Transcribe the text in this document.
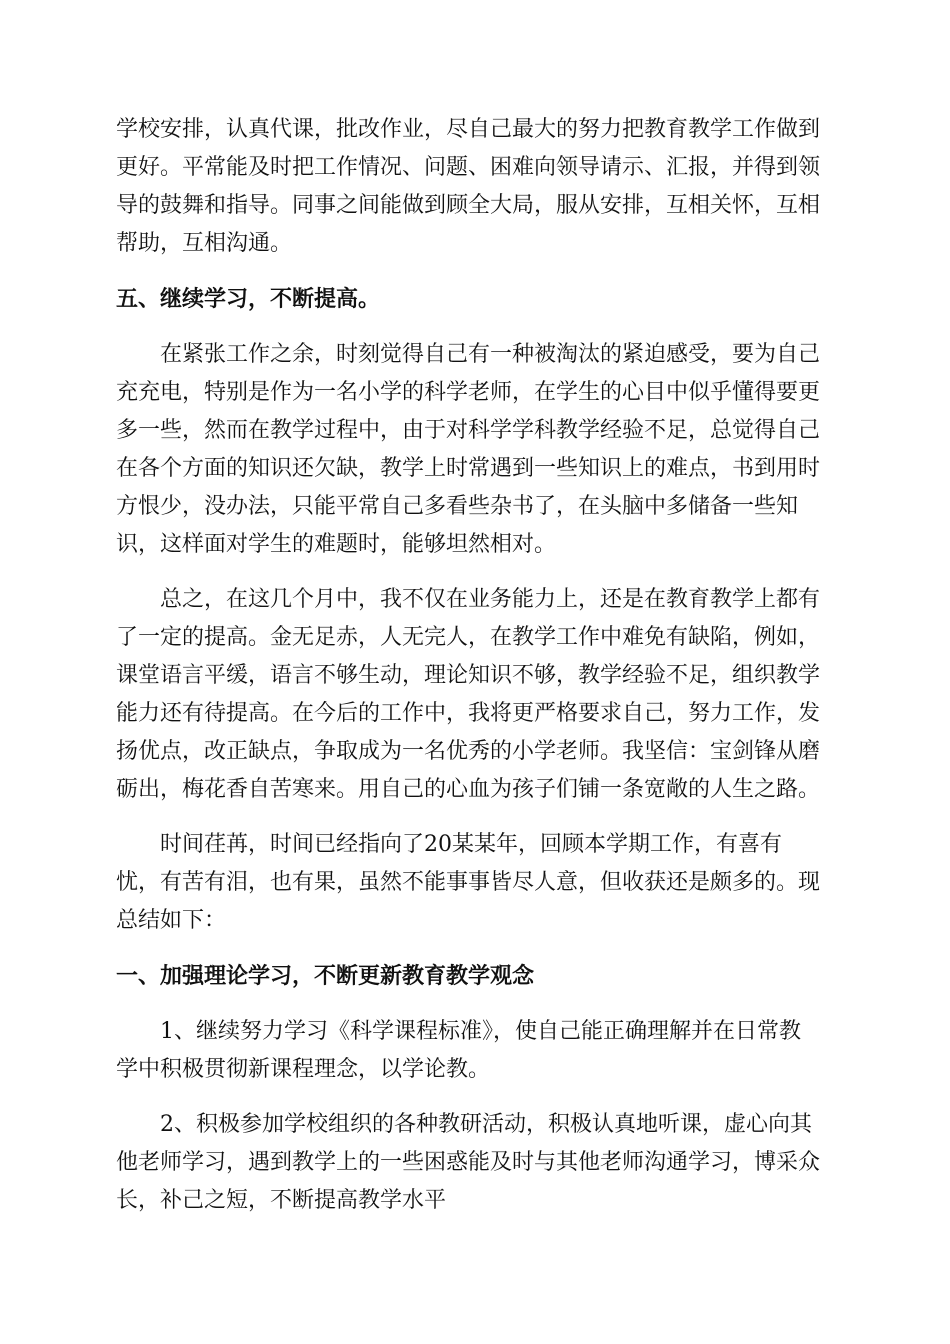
学校安排，认真代课，批改作业，尽自己最大的努力把教育教学工作做到
更好。平常能及时把工作情况、问题、困难向领导请示、汇报，并得到领
导的鼓舞和指导。同事之间能做到顾全大局，服从安排，互相关怀，互相
帮助，互相沟通。
五、继续学习，不断提高。
在紧张工作之余，时刻觉得自己有一种被淘汰的紧迫感受，要为自己
充充电，特别是作为一名小学的科学老师，在学生的心目中似乎懂得要更
多一些，然而在教学过程中，由于对科学学科教学经验不足，总觉得自己
在各个方面的知识还欠缺，教学上时常遇到一些知识上的难点，书到用时
方恨少，没办法，只能平常自己多看些杂书了，在头脑中多储备一些知
识，这样面对学生的难题时，能够坦然相对。
总之，在这几个月中，我不仅在业务能力上，还是在教育教学上都有
了一定的提高。金无足赤，人无完人，在教学工作中难免有缺陷，例如，
课堂语言平缓，语言不够生动，理论知识不够，教学经验不足，组织教学
能力还有待提高。在今后的工作中，我将更严格要求自己，努力工作，发
扬优点，改正缺点，争取成为一名优秀的小学老师。我坚信：宝剑锋从磨
砺出，梅花香自苦寒来。用自己的心血为孩子们铺一条宽敞的人生之路。
时间荏苒，时间已经指向了20某某年，回顾本学期工作，有喜有
忧，有苦有泪，也有果，虽然不能事事皆尽人意，但收获还是颇多的。现
总结如下：
一、加强理论学习，不断更新教育教学观念
1、继续努力学习《科学课程标准》，使自己能正确理解并在日常教
学中积极贯彻新课程理念，以学论教。
2、积极参加学校组织的各种教研活动，积极认真地听课，虚心向其
他老师学习，遇到教学上的一些困惑能及时与其他老师沟通学习，博采众
长，补己之短，不断提高教学水平
